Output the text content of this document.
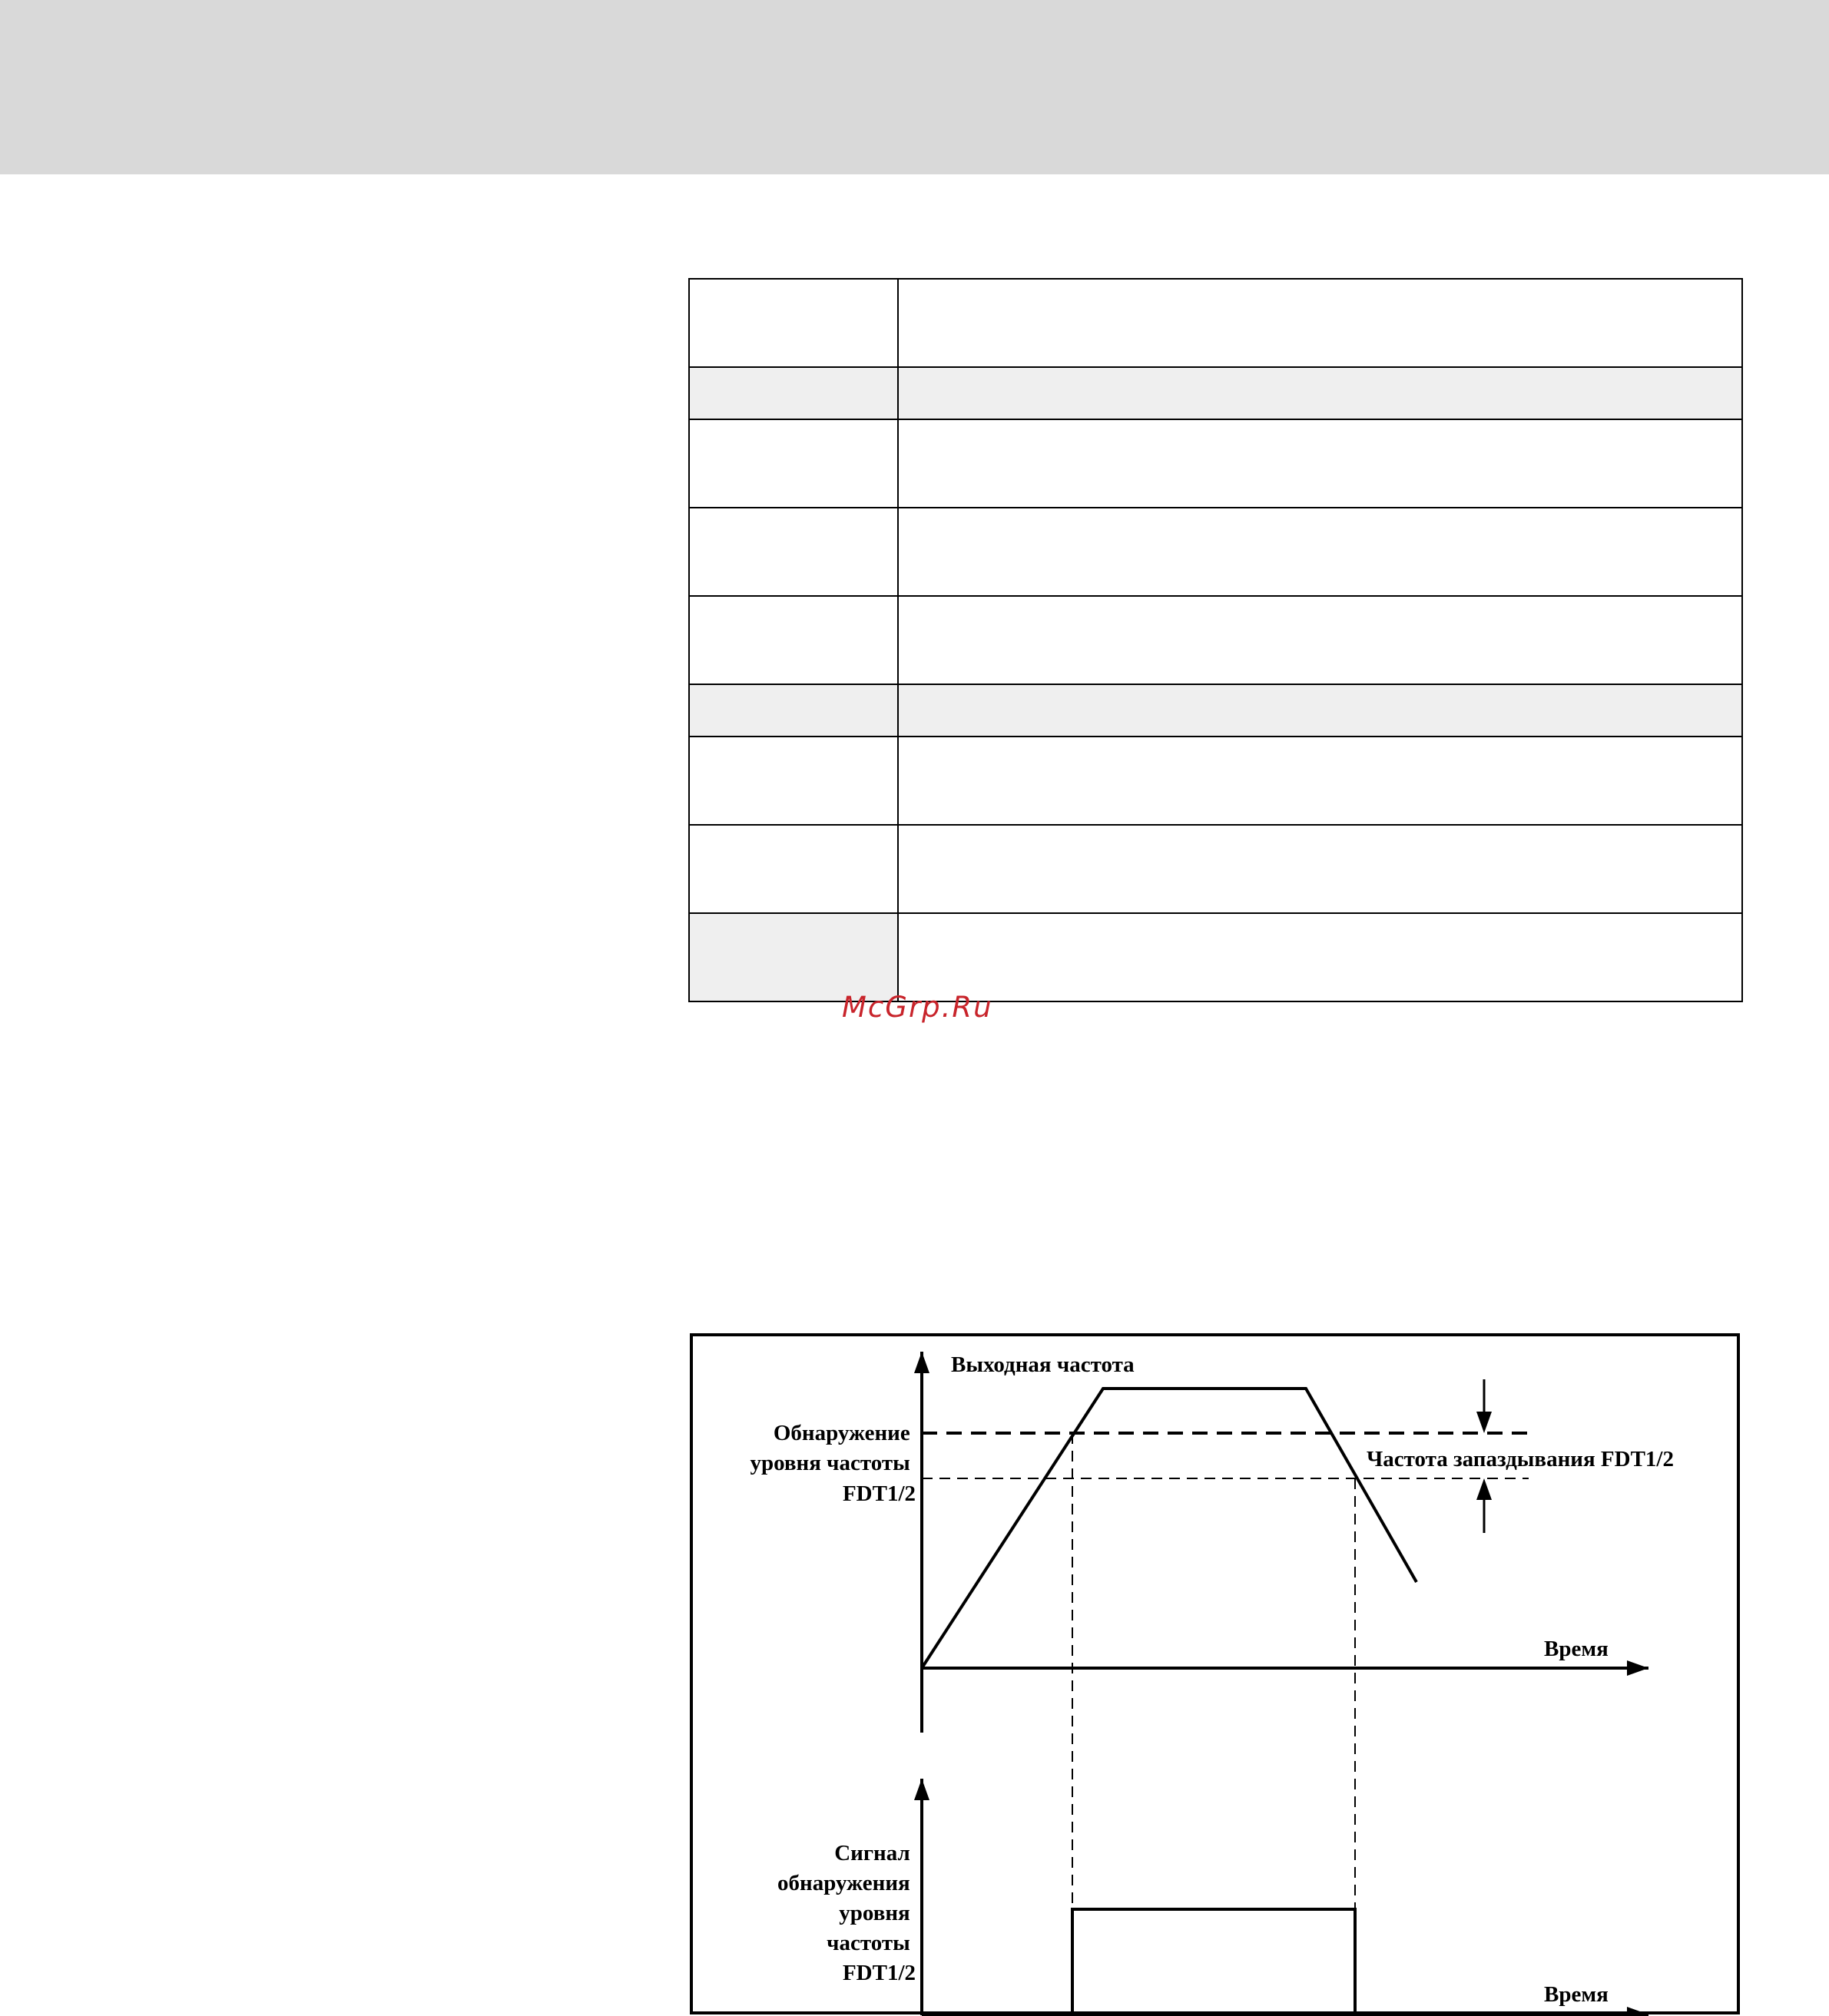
McGrp.Ru
Выходная частота
Время
Обнаружение уровня частоты FDT1/2
Частота запаздывания FDT1/2
Время
Сигнал обнаружения уровня частоты FDT1/2
